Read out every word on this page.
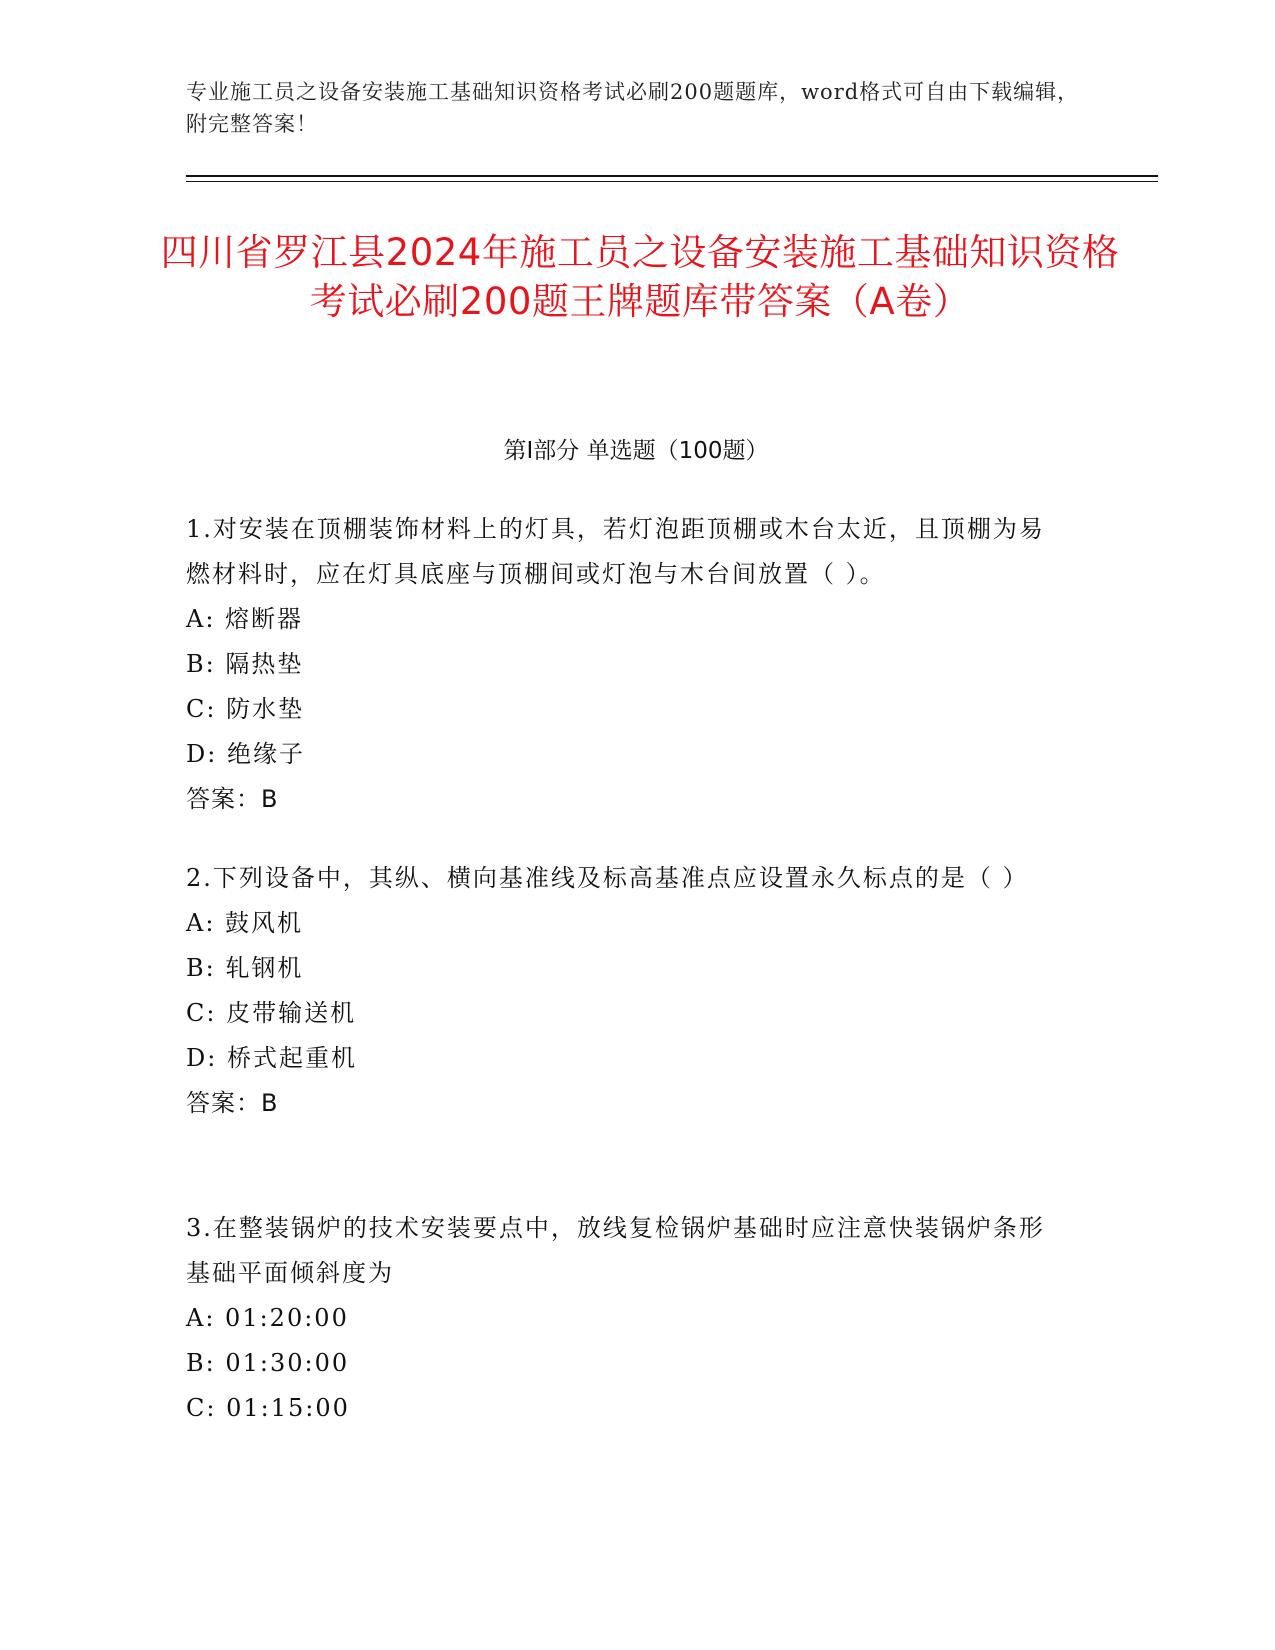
专业施工员之设备安装施工基础知识资格考试必刷200题题库，word格式可自由下载编辑，附完整答案！
四川省罗江县2024年施工员之设备安装施工基础知识资格考试必刷200题王牌题库带答案（A卷）
第I部分 单选题（100题）

1.对安装在顶棚装饰材料上的灯具，若灯泡距顶棚或木台太近，且顶棚为易燃材料时，应在灯具底座与顶棚间或灯泡与木台间放置（ ）。

A: 熔断器

B: 隔热垫

C: 防水垫

D: 绝缘子

答案：B

2.下列设备中，其纵、横向基准线及标高基准点应设置永久标点的是（ ）

A: 鼓风机

B: 轧钢机

C: 皮带输送机

D: 桥式起重机

答案：B

3.在整装锅炉的技术安装要点中，放线复检锅炉基础时应注意快装锅炉条形基础平面倾斜度为

A: 01:20:00

B: 01:30:00

C: 01:15:00
